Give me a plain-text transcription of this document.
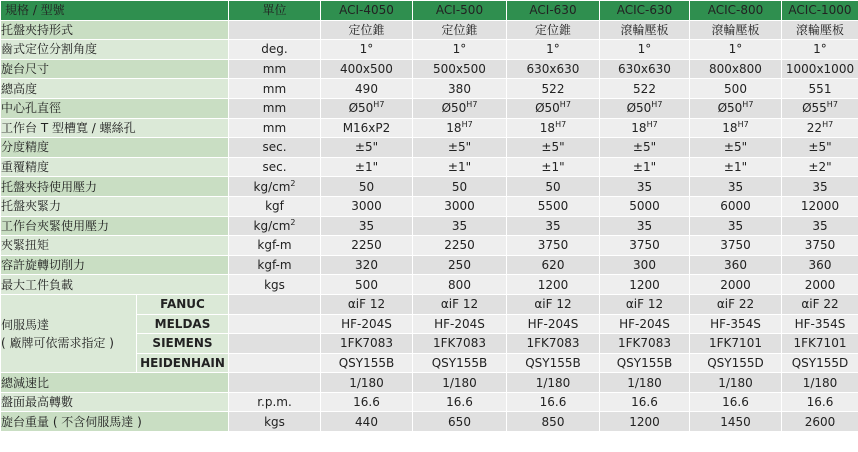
規格 / 型號		單位	ACI-4050	ACI-500	ACI-630	ACIC-630	ACIC-800	ACIC-1000
托盤夾持形式			定位錐	定位錐	定位錐	滾輪壓板	滾輪壓板	滾輪壓板
齒式定位分割角度		deg.	1°	1°	1°	1°	1°	1°
旋台尺寸		mm	400x500	500x500	630x630	630x630	800x800	1000x1000
總高度		mm	490	380	522	522	500	551
中心孔直徑		mm	$Ø50^{H7}$	$Ø50^{H7}$	$Ø50^{H7}$	$Ø50^{H7}$	$Ø50^{H7}$	$Ø55^{H7}$
工作台 T 型槽寬 / 螺絲孔		mm	M16xP2	$18^{H7}$	$18^{H7}$	$18^{H7}$	$18^{H7}$	$22^{H7}$
分度精度		sec.	±5"	±5"	±5"	±5"	±5"	±5"
重覆精度		sec.	±1"	±1"	±1"	±1"	±1"	±2"
托盤夾持使用壓力		$kg/cm^2$	50	50	50	35	35	35
托盤夾緊力		kgf	3000	3000	5500	5000	6000	12000
工作台夾緊使用壓力		$kg/cm^2$	35	35	35	35	35	35
夾緊扭矩		kgf-m	2250	2250	3750	3750	3750	3750
容許旋轉切削力		kgf-m	320	250	620	300	360	360
最大工件負載		kgs	500	800	1200	1200	2000	2000

伺服馬達
( 廠牌可依需求指定 )	FANUC		αiF 12	αiF 12	αiF 12	αiF 12	αiF 22	αiF 22
	MELDAS		HF-204S	HF-204S	HF-204S	HF-204S	HF-354S	HF-354S
	SIEMENS		1FK7083	1FK7083	1FK7083	1FK7083	1FK7101	1FK7101
	HEIDENHAIN		QSY155B	QSY155B	QSY155B	QSY155B	QSY155D	QSY155D
總減速比			1/180	1/180	1/180	1/180	1/180	1/180
盤面最高轉數		r.p.m.	16.6	16.6	16.6	16.6	16.6	16.6
旋台重量 ( 不含伺服馬達 )		kgs	440	650	850	1200	1450	2600
